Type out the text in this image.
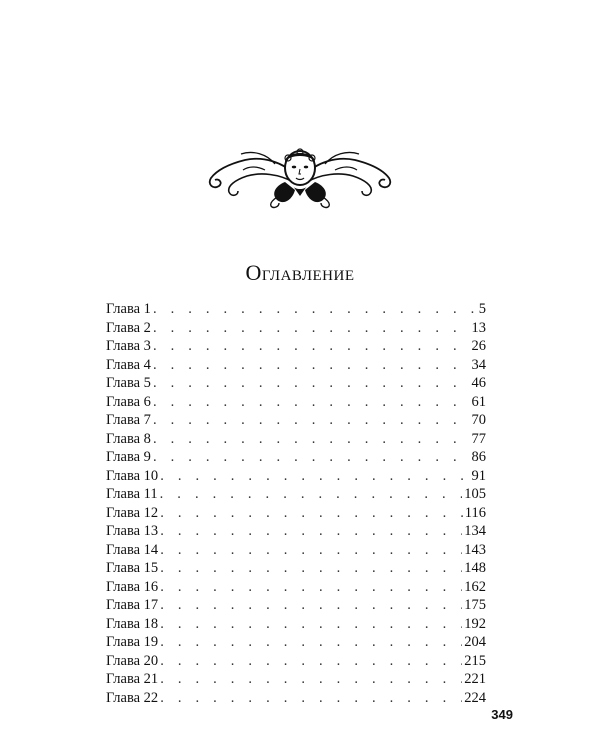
Оглавление
Глава 1 . . .	5
Глава 2 . . .	13
Глава 3 . . .	26
Глава 4 . . .	34
Глава 5 . . .	46
Глава 6 . . .	61
Глава 7 . . .	70
Глава 8 . . .	77
Глава 9 . . .	86
Глава 10 . . .	91
Глава 11 . . .	105
Глава 12 . . .	116
Глава 13 . . .	134
Глава 14 . . .	143
Глава 15 . . .	148
Глава 16 . . .	162
Глава 17 . . .	175
Глава 18 . . .	192
Глава 19 . . .	204
Глава 20 . . .	215
Глава 21 . . .	221
Глава 22 . . .	224
349
